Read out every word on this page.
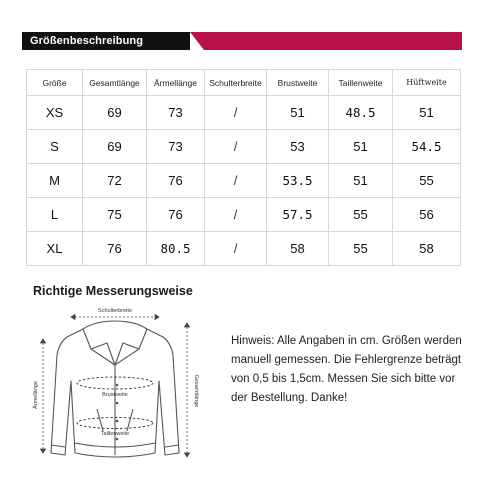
Größenbeschreibung
Größe	Gesamtlänge	Ärmellänge	Schulterbreite	Brustweite	Taillenweite	Hüftweite
XS	69	73	/	51	48.5	51
S	69	73	/	53	51	54.5
M	72	76	/	53.5	51	55
L	75	76	/	57.5	55	56
XL	76	80.5	/	58	55	58
Richtige Messerungsweise
Schulterbreite
Brustweite
Taillenweite
Ärmellänge	Gesamtlänge
Hinweis: Alle Angaben in cm. Größen werden manuell gemessen. Die Fehlergrenze beträgt von 0,5 bis 1,5cm. Messen Sie sich bitte vor der Bestellung. Danke!
